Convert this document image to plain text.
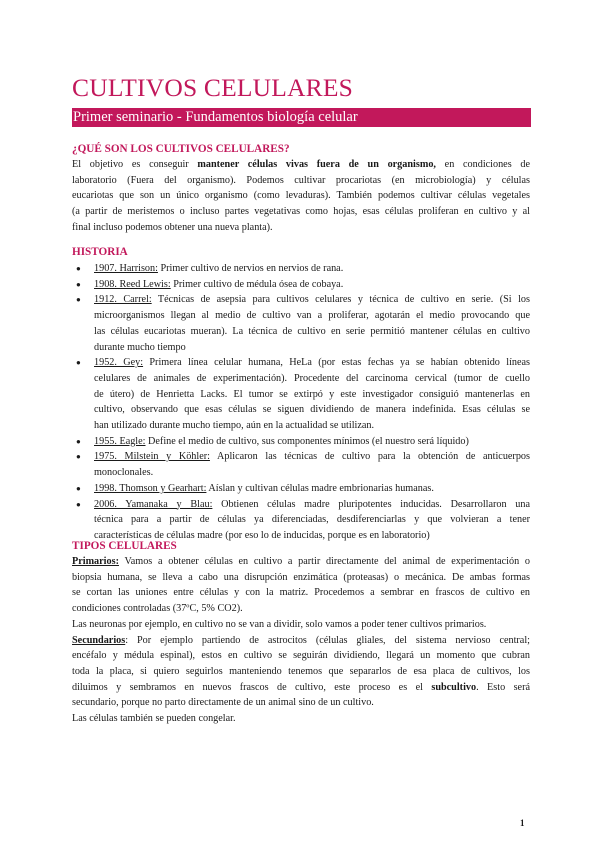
CULTIVOS CELULARES
Primer seminario - Fundamentos biología celular
¿QUÉ SON LOS CULTIVOS CELULARES?
El objetivo es conseguir mantener células vivas fuera de un organismo, en condiciones de
laboratorio (Fuera del organismo). Podemos cultivar procariotas (en microbiología) y células
eucariotas que son un único organismo (como levaduras). También podemos cultivar células vegetales
(a partir de meristemos o incluso partes vegetativas como hojas, esas células proliferan en cultivo y al
final incluso podemos obtener una nueva planta).
HISTORIA
● 1907. Harrison: Primer cultivo de nervios en nervios de rana.
● 1908. Reed Lewis: Primer cultivo de médula ósea de cobaya.
● 1912. Carrel: Técnicas de asepsia para cultivos celulares y técnica de cultivo en serie. (Si los
microorganismos llegan al medio de cultivo van a proliferar, agotarán el medio provocando que
las células eucariotas mueran). La técnica de cultivo en serie permitió mantener células en cultivo
durante mucho tiempo
● 1952. Gey: Primera línea celular humana, HeLa (por estas fechas ya se habían obtenido líneas
celulares de animales de experimentación). Procedente del carcinoma cervical (tumor de cuello
de útero) de Henrietta Lacks. El tumor se extirpó y este investigador consiguió mantenerlas en
cultivo, observando que esas células se siguen dividiendo de manera indefinida. Esas células se
han utilizado durante mucho tiempo, aún en la actualidad se utilizan.
● 1955. Eagle: Define el medio de cultivo, sus componentes mínimos (el nuestro será líquido)
● 1975. Milstein y Köhler: Aplicaron las técnicas de cultivo para la obtención de anticuerpos
monoclonales.
● 1998. Thomson y Gearhart: Aíslan y cultivan células madre embrionarias humanas.
● 2006. Yamanaka y Blau: Obtienen células madre pluripotentes inducidas. Desarrollaron una
técnica para a partir de células ya diferenciadas, desdiferenciarlas y que volvieran a tener
características de células madre (por eso lo de inducidas, porque es en laboratorio)
TIPOS CELULARES
Primarios: Vamos a obtener células en cultivo a partir directamente del animal de experimentación o
biopsia humana, se lleva a cabo una disrupción enzimática (proteasas) o mecánica. De ambas formas
se cortan las uniones entre células y con la matriz. Procedemos a sembrar en frascos de cultivo en
condiciones controladas (37ºC, 5% CO2).
Las neuronas por ejemplo, en cultivo no se van a dividir, solo vamos a poder tener cultivos primarios.
Secundarios: Por ejemplo partiendo de astrocitos (células gliales, del sistema nervioso central;
encéfalo y médula espinal), estos en cultivo se seguirán dividiendo, llegará un momento que cubran
toda la placa, si quiero seguirlos manteniendo tenemos que separarlos de esa placa de cultivos, los
diluimos y sembramos en nuevos frascos de cultivo, este proceso es el subcultivo. Esto será
secundario, porque no parto directamente de un animal sino de un cultivo.
Las células también se pueden congelar.
1
